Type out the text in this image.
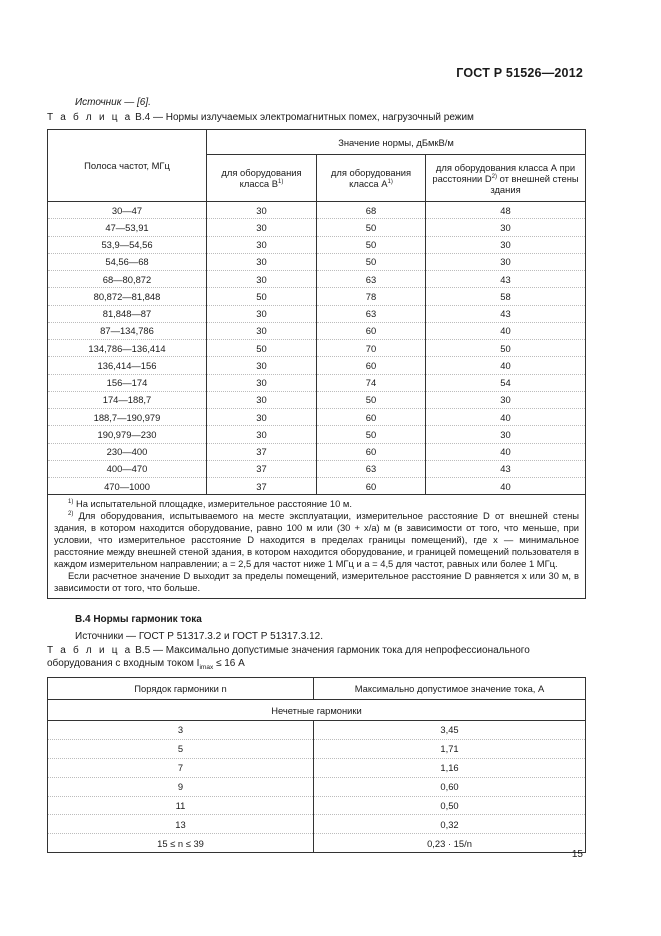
ГОСТ Р 51526—2012
Источник — [6].
Т а б л и ц а В.4 — Нормы излучаемых электромагнитных помех, нагрузочный режим
Полоса частот, МГц	Значение нормы, дБмкВ/м		
	для оборудования класса $В^{1)}$	для оборудования класса $А^{1)}$	для оборудования класса А при расстоянии $D^{2)}$ от внешней стены здания
30—47	30	68	48
47—53,91	30	50	30
53,9—54,56	30	50	30
54,56—68	30	50	30
68—80,872	30	63	43
80,872—81,848	50	78	58
81,848—87	30	63	43
87—134,786	30	60	40
134,786—136,414	50	70	50
136,414—156	30	60	40
156—174	30	74	54
174—188,7	30	50	30
188,7—190,979	30	60	40
190,979—230	30	50	30
230—400	37	60	40
400—470	37	63	43
470—1000	37	60	40

$^{1)}$ На испытательной площадке, измерительное расстояние 10 м.

$^{2)}$ Для оборудования, испытываемого на месте эксплуатации, измерительное расстояние D от внешней стены здания, в котором находится оборудование, равно 100 м или (30 + x/a) м (в зависимости от того, что меньше, при условии, что измерительное расстояние D находится в пределах границы помещений), где x — минимальное расстояние между внешней стеной здания, в котором находится оборудование, и границей помещений пользователя в каждом измерительном направлении; a = 2,5 для частот ниже 1 МГц и a = 4,5 для частот, равных или более 1 МГц.

Если расчетное значение D выходит за пределы помещений, измерительное расстояние D равняется x или 30 м, в зависимости от того, что больше.			

В.4 Нормы гармоник тока
Источники — ГОСТ Р 51317.3.2 и ГОСТ Р 51317.3.12.
Т а б л и ц а В.5 — Максимально допустимые значения гармоник тока для непрофессионального оборудования с входным током $I_{imax} \le 16$ А
Порядок гармоники n	Максимально допустимое значение тока, А
Нечетные гармоники	
3	3,45
5	1,71
7	1,16
9	0,60
11	0,50
13	0,32
15 ≤ n ≤ 39	0,23 · 15/n
15
